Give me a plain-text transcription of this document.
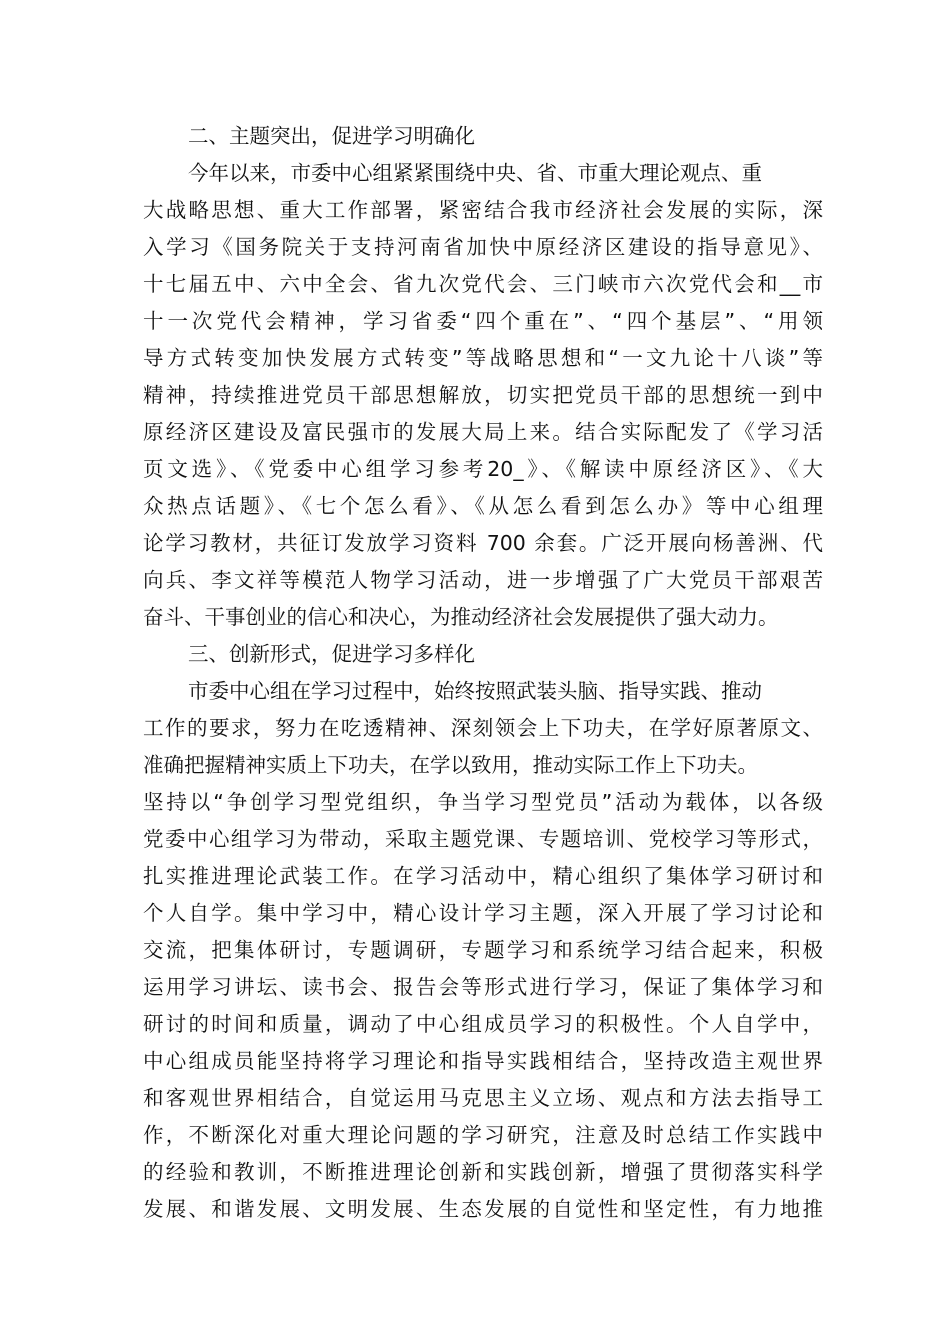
二、主题突出，促进学习明确化
今年以来，市委中心组紧紧围绕中央、省、市重大理论观点、重
大战略思想、重大工作部署，紧密结合我市经济社会发展的实际，深
入学习《国务院关于支持河南省加快中原经济区建设的指导意见》、
十七届五中、六中全会、省九次党代会、三门峡市六次党代会和__市
十一次党代会精神，学习省委“四个重在”、“四个基层”、“用领
导方式转变加快发展方式转变”等战略思想和“一文九论十八谈”等
精神，持续推进党员干部思想解放，切实把党员干部的思想统一到中
原经济区建设及富民强市的发展大局上来。结合实际配发了《学习活
页文选》、《党委中心组学习参考20_》、《解读中原经济区》、《大
众热点话题》、《七个怎么看》、《从怎么看到怎么办》等中心组理
论学习教材，共征订发放学习资料 700 余套。广泛开展向杨善洲、代
向兵、李文祥等模范人物学习活动，进一步增强了广大党员干部艰苦
奋斗、干事创业的信心和决心，为推动经济社会发展提供了强大动力。
三、创新形式，促进学习多样化
市委中心组在学习过程中，始终按照武装头脑、指导实践、推动
工作的要求，努力在吃透精神、深刻领会上下功夫，在学好原著原文、
准确把握精神实质上下功夫，在学以致用，推动实际工作上下功夫。
坚持以“争创学习型党组织，争当学习型党员”活动为载体，以各级
党委中心组学习为带动，采取主题党课、专题培训、党校学习等形式，
扎实推进理论武装工作。在学习活动中，精心组织了集体学习研讨和
个人自学。集中学习中，精心设计学习主题，深入开展了学习讨论和
交流，把集体研讨，专题调研，专题学习和系统学习结合起来，积极
运用学习讲坛、读书会、报告会等形式进行学习，保证了集体学习和
研讨的时间和质量，调动了中心组成员学习的积极性。个人自学中，
中心组成员能坚持将学习理论和指导实践相结合，坚持改造主观世界
和客观世界相结合，自觉运用马克思主义立场、观点和方法去指导工
作，不断深化对重大理论问题的学习研究，注意及时总结工作实践中
的经验和教训，不断推进理论创新和实践创新，增强了贯彻落实科学
发展、和谐发展、文明发展、生态发展的自觉性和坚定性，有力地推
